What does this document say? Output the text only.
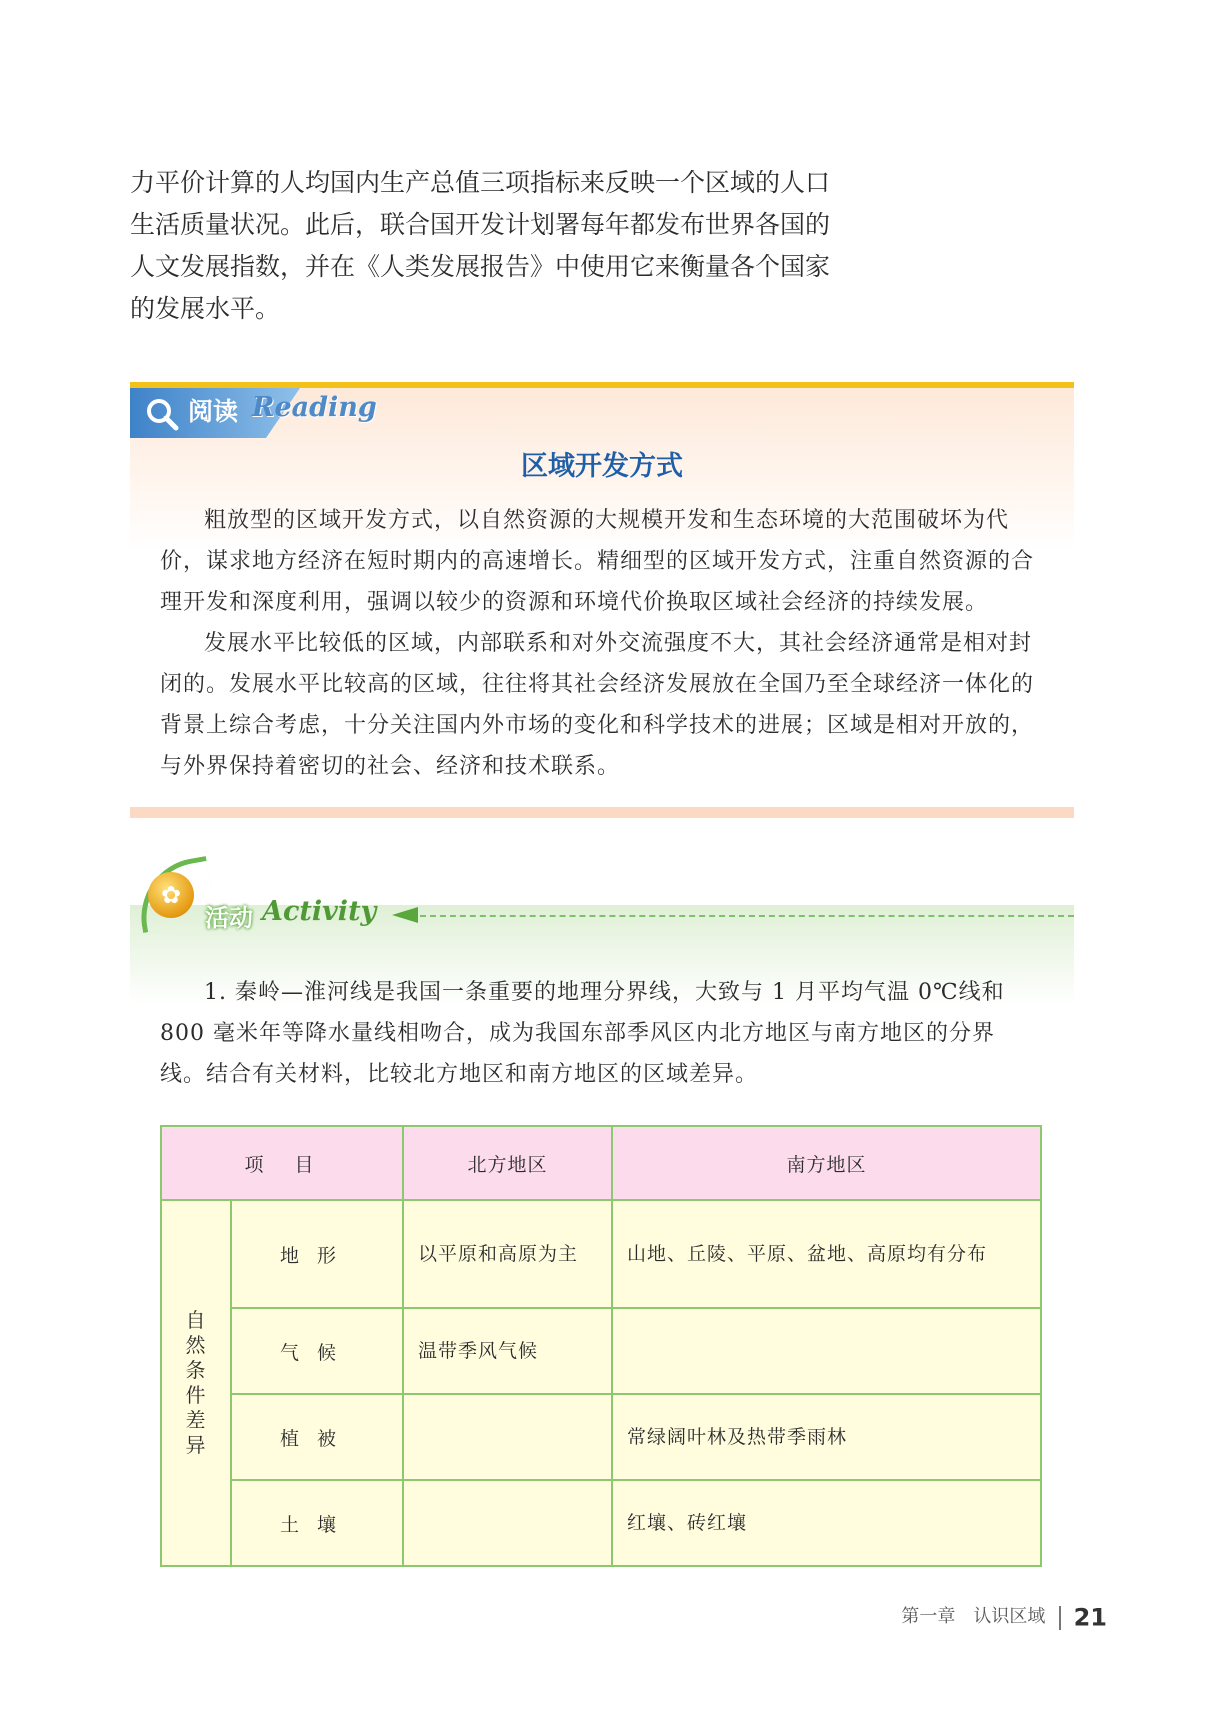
力平价计算的人均国内生产总值三项指标来反映一个区域的人口生活质量状况。此后，联合国开发计划署每年都发布世界各国的人文发展指数，并在《人类发展报告》中使用它来衡量各个国家的发展水平。

阅读 Reading
区域开发方式

粗放型的区域开发方式，以自然资源的大规模开发和生态环境的大范围破坏为代价，谋求地方经济在短时期内的高速增长。精细型的区域开发方式，注重自然资源的合理开发和深度利用，强调以较少的资源和环境代价换取区域社会经济的持续发展。

发展水平比较低的区域，内部联系和对外交流强度不大，其社会经济通常是相对封闭的。发展水平比较高的区域，往往将其社会经济发展放在全国乃至全球经济一体化的背景上综合考虑，十分关注国内外市场的变化和科学技术的进展；区域是相对开放的，与外界保持着密切的社会、经济和技术联系。

✿
活动 Activity

1. 秦岭—淮河线是我国一条重要的地理分界线，大致与 1 月平均气温 0℃线和 800 毫米年等降水量线相吻合，成为我国东部季风区内北方地区与南方地区的分界线。结合有关材料，比较北方地区和南方地区的区域差异。

项　目		北方地区	南方地区
自然条件差异	地形	以平原和高原为主	山地、丘陵、平原、盆地、高原均有分布
	气候	温带季风气候	
	植被		常绿阔叶林及热带季雨林
	土壤		红壤、砖红壤
第一章　认识区域 21
